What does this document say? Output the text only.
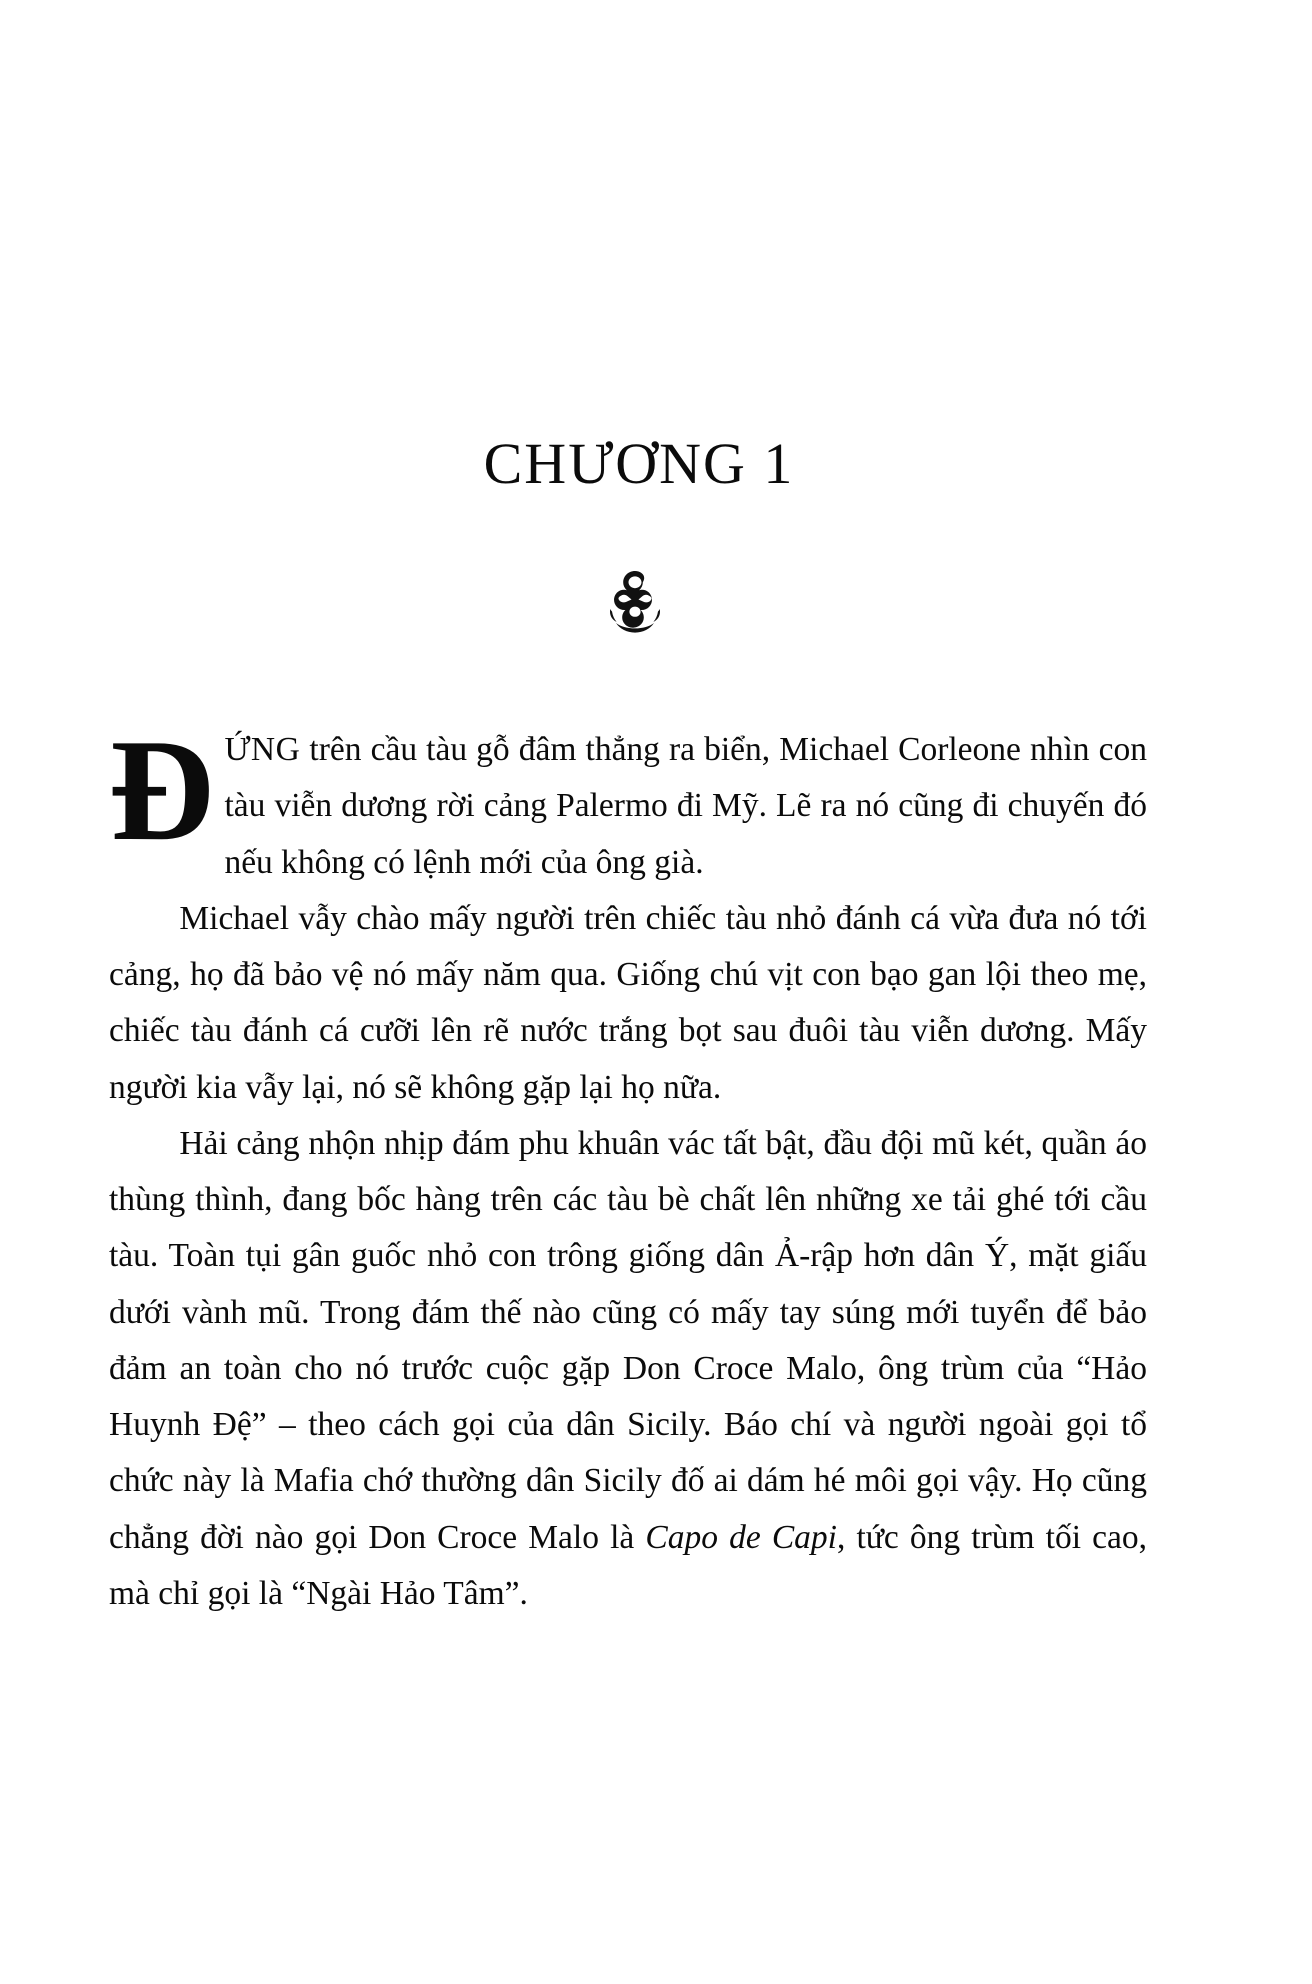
CHƯƠNG 1

ĐỨNG trên cầu tàu gỗ đâm thẳng ra biển, Michael Corleone nhìn con tàu viễn dương rời cảng Palermo đi Mỹ. Lẽ ra nó cũng đi chuyến đó nếu không có lệnh mới của ông già.

Michael vẫy chào mấy người trên chiếc tàu nhỏ đánh cá vừa đưa nó tới cảng, họ đã bảo vệ nó mấy năm qua. Giống chú vịt con bạo gan lội theo mẹ, chiếc tàu đánh cá cưỡi lên rẽ nước trắng bọt sau đuôi tàu viễn dương. Mấy người kia vẫy lại, nó sẽ không gặp lại họ nữa.

Hải cảng nhộn nhịp đám phu khuân vác tất bật, đầu đội mũ két, quần áo thùng thình, đang bốc hàng trên các tàu bè chất lên những xe tải ghé tới cầu tàu. Toàn tụi gân guốc nhỏ con trông giống dân Ả-rập hơn dân Ý, mặt giấu dưới vành mũ. Trong đám thế nào cũng có mấy tay súng mới tuyển để bảo đảm an toàn cho nó trước cuộc gặp Don Croce Malo, ông trùm của “Hảo Huynh Đệ” – theo cách gọi của dân Sicily. Báo chí và người ngoài gọi tổ chức này là Mafia chớ thường dân Sicily đố ai dám hé môi gọi vậy. Họ cũng chẳng đời nào gọi Don Croce Malo là Capo de Capi, tức ông trùm tối cao, mà chỉ gọi là “Ngài Hảo Tâm”.
